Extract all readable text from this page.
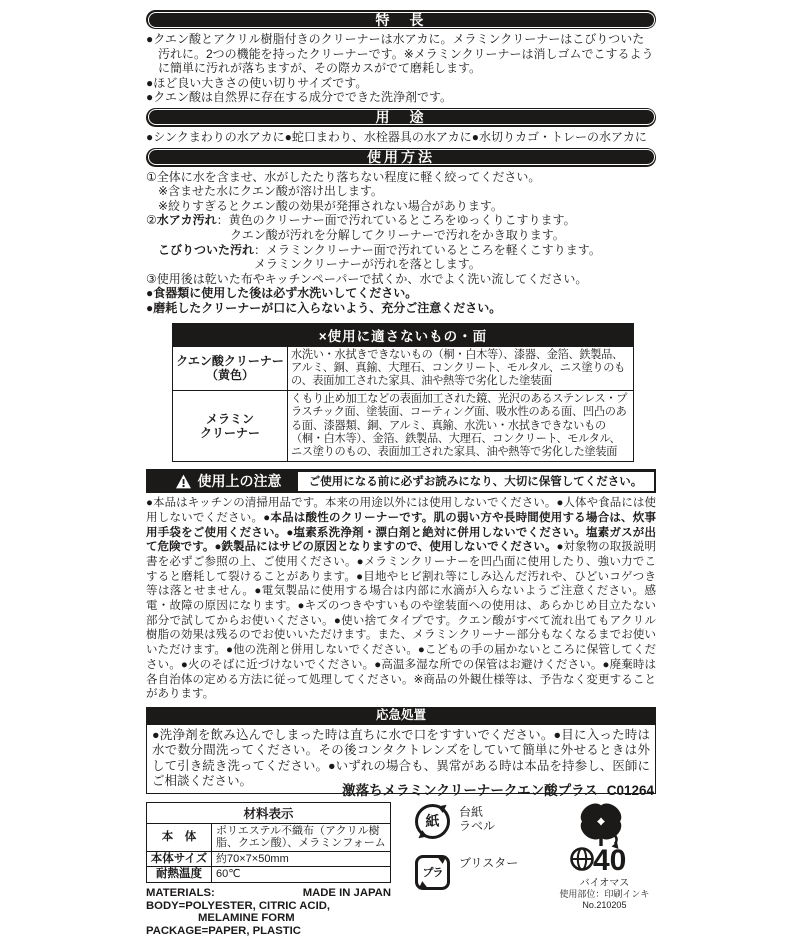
特　長

●クエン酸とアクリル樹脂付きのクリーナーは水アカに。メラミンクリーナーはこびりついた汚れに。2つの機能を持ったクリーナーです。※メラミンクリーナーは消しゴムでこするように簡単に汚れが落ちますが、その際カスがでて磨耗します。

●ほど良い大きさの使い切りサイズです。

●クエン酸は自然界に存在する成分でできた洗浄剤です。

用　途

●シンクまわりの水アカに●蛇口まわり、水栓器具の水アカに●水切りカゴ・トレーの水アカに

使用方法

①全体に水を含ませ、水がしたたり落ちない程度に軽く絞ってください。

※含ませた水にクエン酸が溶け出します。

※絞りすぎるとクエン酸の効果が発揮されない場合があります。

②水アカ汚れ：黄色のクリーナー面で汚れているところをゆっくりこすります。

クエン酸が汚れを分解してクリーナーで汚れをかき取ります。

こびりついた汚れ：メラミンクリーナー面で汚れているところを軽くこすります。

メラミンクリーナーが汚れを落とします。

③使用後は乾いた布やキッチンペーパーで拭くか、水でよく洗い流してください。

●食器類に使用した後は必ず水洗いしてください。

●磨耗したクリーナーが口に入らないよう、充分ご注意ください。

×使用に適さないもの・面	
クエン酸クリーナー
（黄色）	水洗い・水拭きできないもの（桐・白木等）、漆器、金箔、鉄製品、アルミ、銅、真鍮、大理石、コンクリート、モルタル、ニス塗りのもの、表面加工された家具、油や熱等で劣化した塗装面
メラミン
クリーナー	くもり止め加工などの表面加工された鏡、光沢のあるステンレス・プラスチック面、塗装面、コーティング面、吸水性のある面、凹凸のある面、漆器類、銅、アルミ、真鍮、水洗い・水拭きできないもの（桐・白木等）、金箔、鉄製品、大理石、コンクリート、モルタル、ニス塗りのもの、表面加工された家具、油や熱等で劣化した塗装面
使用上の注意	ご使用になる前に必ずお読みになり、大切に保管してください。

●本品はキッチンの清掃用品です。本来の用途以外には使用しないでください。●人体や食品には使用しないでください。●本品は酸性のクリーナーです。肌の弱い方や長時間使用する場合は、炊事用手袋をご使用ください。●塩素系洗浄剤・漂白剤と絶対に併用しないでください。塩素ガスが出て危険です。●鉄製品にはサビの原因となりますので、使用しないでください。●対象物の取扱説明書を必ずご参照の上、ご使用ください。●メラミンクリーナーを凹凸面に使用したり、強い力でこすると磨耗して裂けることがあります。●目地やヒビ割れ等にしみ込んだ汚れや、ひどいコゲつき等は落とせません。●電気製品に使用する場合は内部に水滴が入らないようご注意ください。感電・故障の原因になります。●キズのつきやすいものや塗装面への使用は、あらかじめ目立たない部分で試してからお使いください。●使い捨てタイプです。クエン酸がすべて流れ出てもアクリル樹脂の効果は残るのでお使いいただけます。また、メラミンクリーナー部分もなくなるまでお使いいただけます。●他の洗剤と併用しないでください。●こどもの手の届かないところに保管してください。●火のそばに近づけないでください。●高温多湿な所での保管はお避けください。●廃棄時は各自治体の定める方法に従って処理してください。※商品の外観仕様等は、予告なく変更することがあります。

応急処置
●洗浄剤を飲み込んでしまった時は直ちに水で口をすすいでください。●目に入った時は水で数分間洗ってください。その後コンタクトレンズをしていて簡単に外せるときは外して引き続き洗ってください。●いずれの場合も、異常がある時は本品を持参し、医師にご相談ください。
材料表示	
本　体	ポリエステル不織布（アクリル樹脂、クエン酸）、メラミンフォーム
本体サイズ	約70×7×50mm
耐熱温度	60℃
MATERIALS:	MADE IN JAPAN
BODY=POLYESTER, CITRIC ACID,
MELAMINE FORM
PACKAGE=PAPER, PLASTIC
紙
台紙
ラベル
プラ
ブリスター	40
バイオマス
使用部位：印刷インキ
No.210205
激落ちメラミンクリーナークエン酸プラス C01264
